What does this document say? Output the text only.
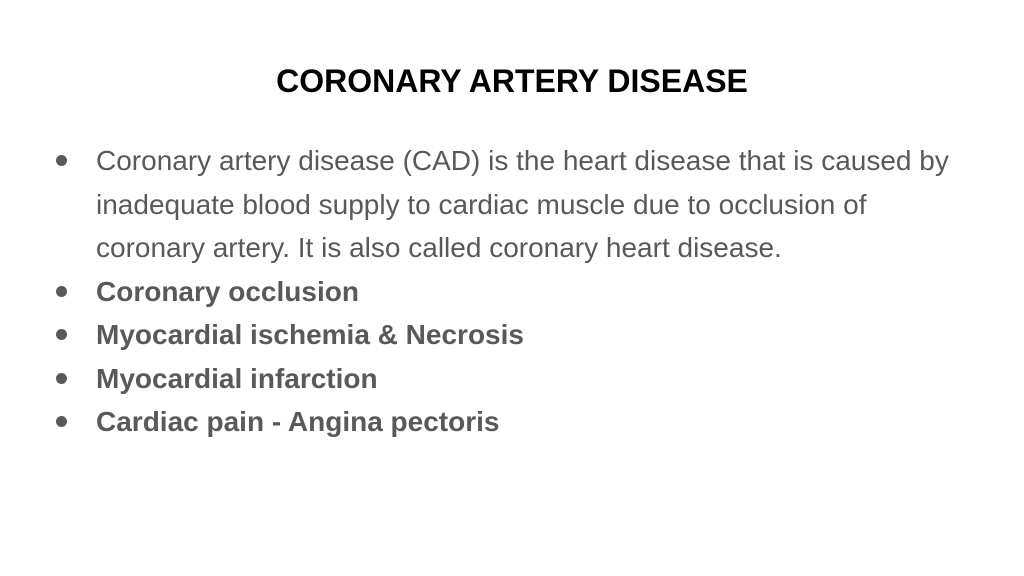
CORONARY ARTERY DISEASE
Coronary artery disease (CAD) is the heart disease that is caused by inadequate blood supply to cardiac muscle due to occlusion of coronary artery. It is also called coronary heart disease.
Coronary occlusion
Myocardial ischemia & Necrosis
Myocardial infarction
Cardiac pain - Angina pectoris
